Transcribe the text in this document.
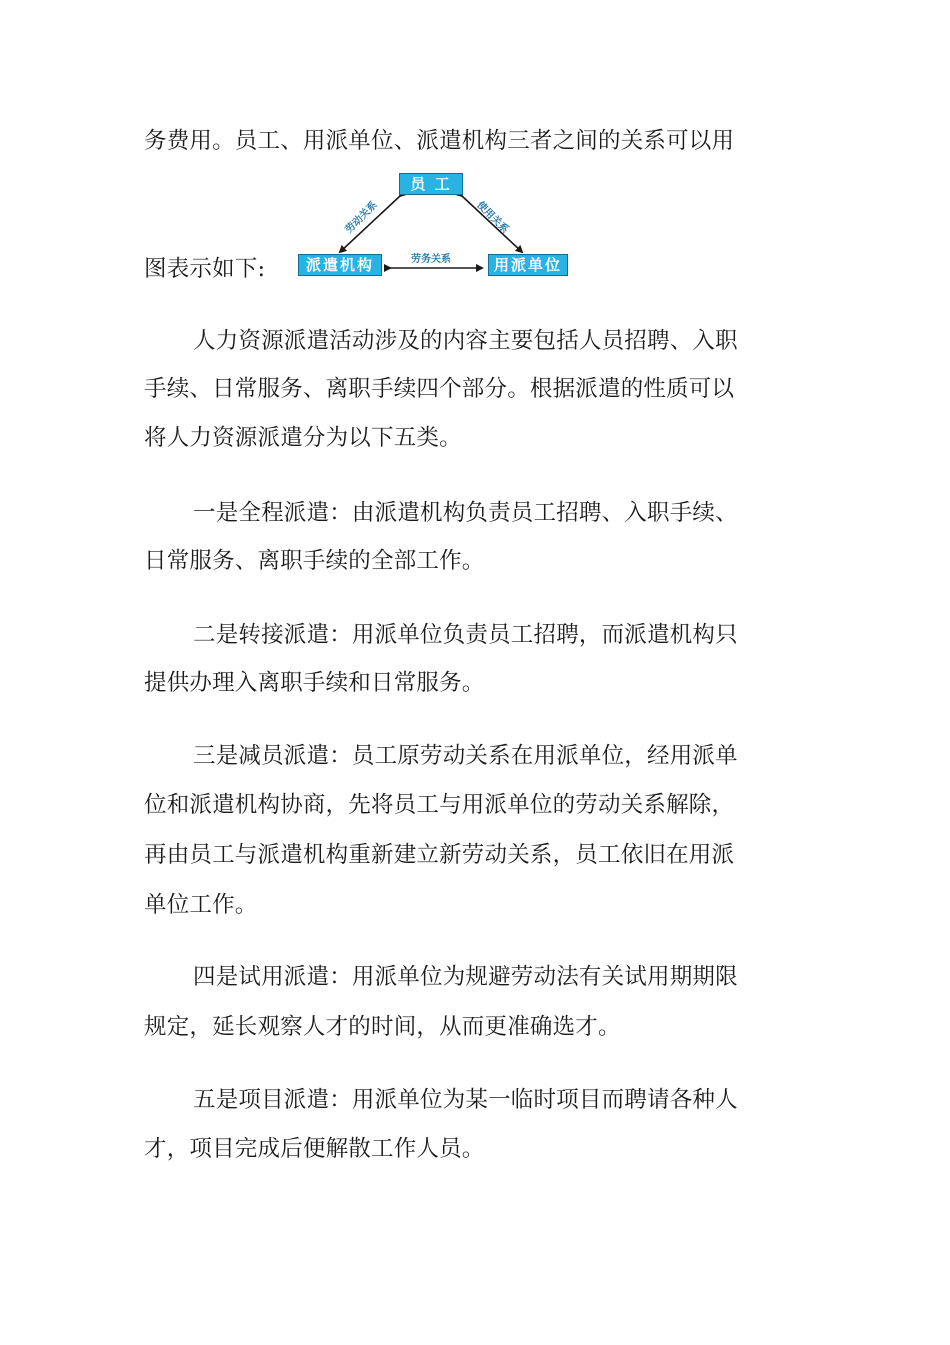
务费用。员工、用派单位、派遣机构三者之间的关系可以用
图表示如下:
员 工
派遣机构	用派单位
劳动关系	使用关系
劳务关系
人力资源派遣活动涉及的内容主要包括人员招聘、入职
手续、日常服务、离职手续四个部分。根据派遣的性质可以
将人力资源派遣分为以下五类。
一是全程派遣：由派遣机构负责员工招聘、入职手续、
日常服务、离职手续的全部工作。
二是转接派遣：用派单位负责员工招聘，而派遣机构只
提供办理入离职手续和日常服务。
三是减员派遣：员工原劳动关系在用派单位，经用派单
位和派遣机构协商，先将员工与用派单位的劳动关系解除，
再由员工与派遣机构重新建立新劳动关系，员工依旧在用派
单位工作。
四是试用派遣：用派单位为规避劳动法有关试用期期限
规定，延长观察人才的时间，从而更准确选才。
五是项目派遣：用派单位为某一临时项目而聘请各种人
才，项目完成后便解散工作人员。
